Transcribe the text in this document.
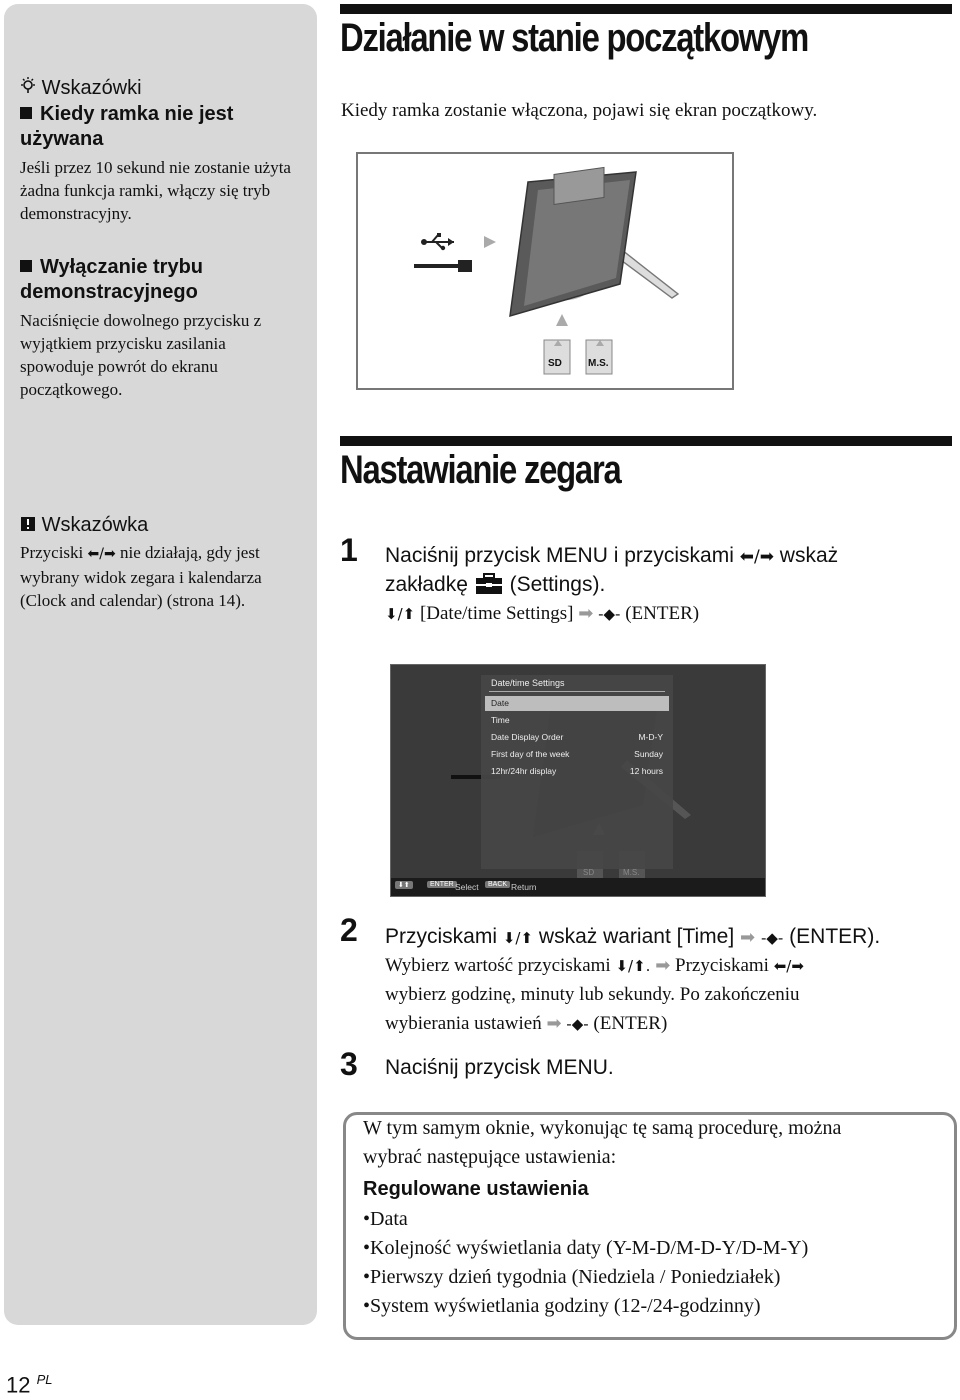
Wskazówki
Kiedy ramka nie jest używana
Jeśli przez 10 sekund nie zostanie użyta żadna funkcja ramki, włączy się tryb demonstracyjny.
Wyłączanie trybu demonstracyjnego
Naciśnięcie dowolnego przycisku z wyjątkiem przycisku zasilania spowoduje powrót do ekranu początkowego.
Wskazówka
Przyciski ⬅/➡ nie działają, gdy jest wybrany widok zegara i kalendarza (Clock and calendar) (strona 14).
Działanie w stanie początkowym
Kiedy ramka zostanie włączona, pojawi się ekran początkowy.
SD	M.S.
Nastawianie zegara
1 Naciśnij przycisk MENU i przyciskami ⬅/➡ wskaż
zakładkę (Settings).
⬇/⬆ [Date/time Settings] ➡ -◆- (ENTER)
Date/time Settings
Date
Time
Date Display Order	M-D-Y
First day of the week	Sunday
12hr/24hr display	12 hours
SD	M.S.
⬇⬆	ENTER Select	BACK Return
2 Przyciskami ⬇/⬆ wskaż wariant [Time] ➡ -◆- (ENTER).
Wybierz wartość przyciskami ⬇/⬆. ➡ Przyciskami ⬅/➡
wybierz godzinę, minuty lub sekundy. Po zakończeniu
wybierania ustawień ➡ -◆- (ENTER)
3 Naciśnij przycisk MENU.
W tym samym oknie, wykonując tę samą procedurę, można
wybrać następujące ustawienia:
Regulowane ustawienia
•Data
•Kolejność wyświetlania daty (Y-M-D/M-D-Y/D-M-Y)
•Pierwszy dzień tygodnia (Niedziela / Poniedziałek)
•System wyświetlania godziny (12-/24-godzinny)
12 $^{PL}$
